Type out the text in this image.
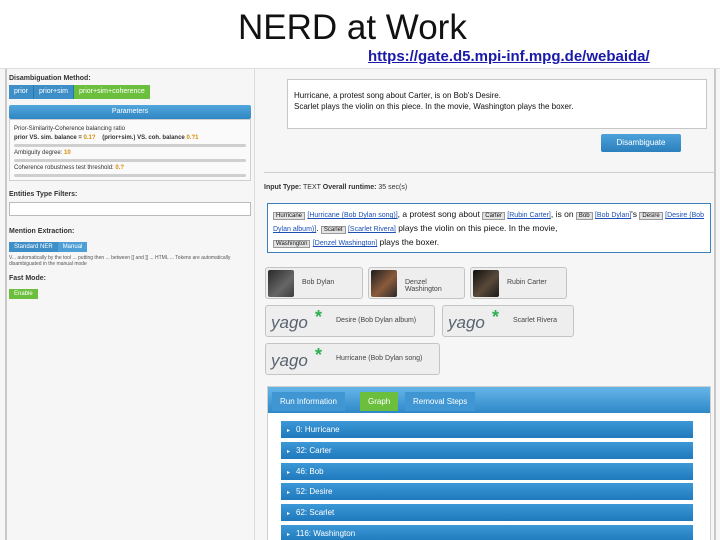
NERD at Work
https://gate.d5.mpi-inf.mpg.de/webaida/
Disambiguation Method:
prior	prior+sim	prior+sim+coherence
Parameters
Prior-Similarity-Coherence balancing ratio
prior VS. sim. balance = 0.1? (prior+sim.) VS. coh. balance 0.?1
Ambiguity degree: 10
Coherence robustness test threshold: 0.?
Entities Type Filters:
Mention Extraction:
Standard NER Manual
V... automatically by the tool ... putting then ... between [[ and ]] ... HTML ... Tokens are automatically disambiguated in the manual mode
Fast Mode:
Enable
Hurricane, a protest song about Carter, is on Bob's Desire.
Scarlet plays the violin on this piece. In the movie, Washington plays the boxer.
Disambiguate
Input Type: TEXT Overall runtime: 35 sec(s)
Hurricane [Hurricane (Bob Dylan song)], a protest song about Carter [Rubin Carter], is on Bob [Bob Dylan]'s Desire [Desire (Bob Dylan album)]. Scarlet [Scarlet Rivera] plays the violin on this piece. In the movie,
Washington [Denzel Washington] plays the boxer.
Bob Dylan	Denzel Washington
Rubin Carter
yago * Desire (Bob Dylan album) yago * Scarlet Rivera
yago * Hurricane (Bob Dylan song)
Run Information	Graph	Removal Steps
▸ 0: Hurricane
▸ 32: Carter
▸ 46: Bob
▸ 52: Desire
▸ 62: Scarlet
▸ 116: Washington
